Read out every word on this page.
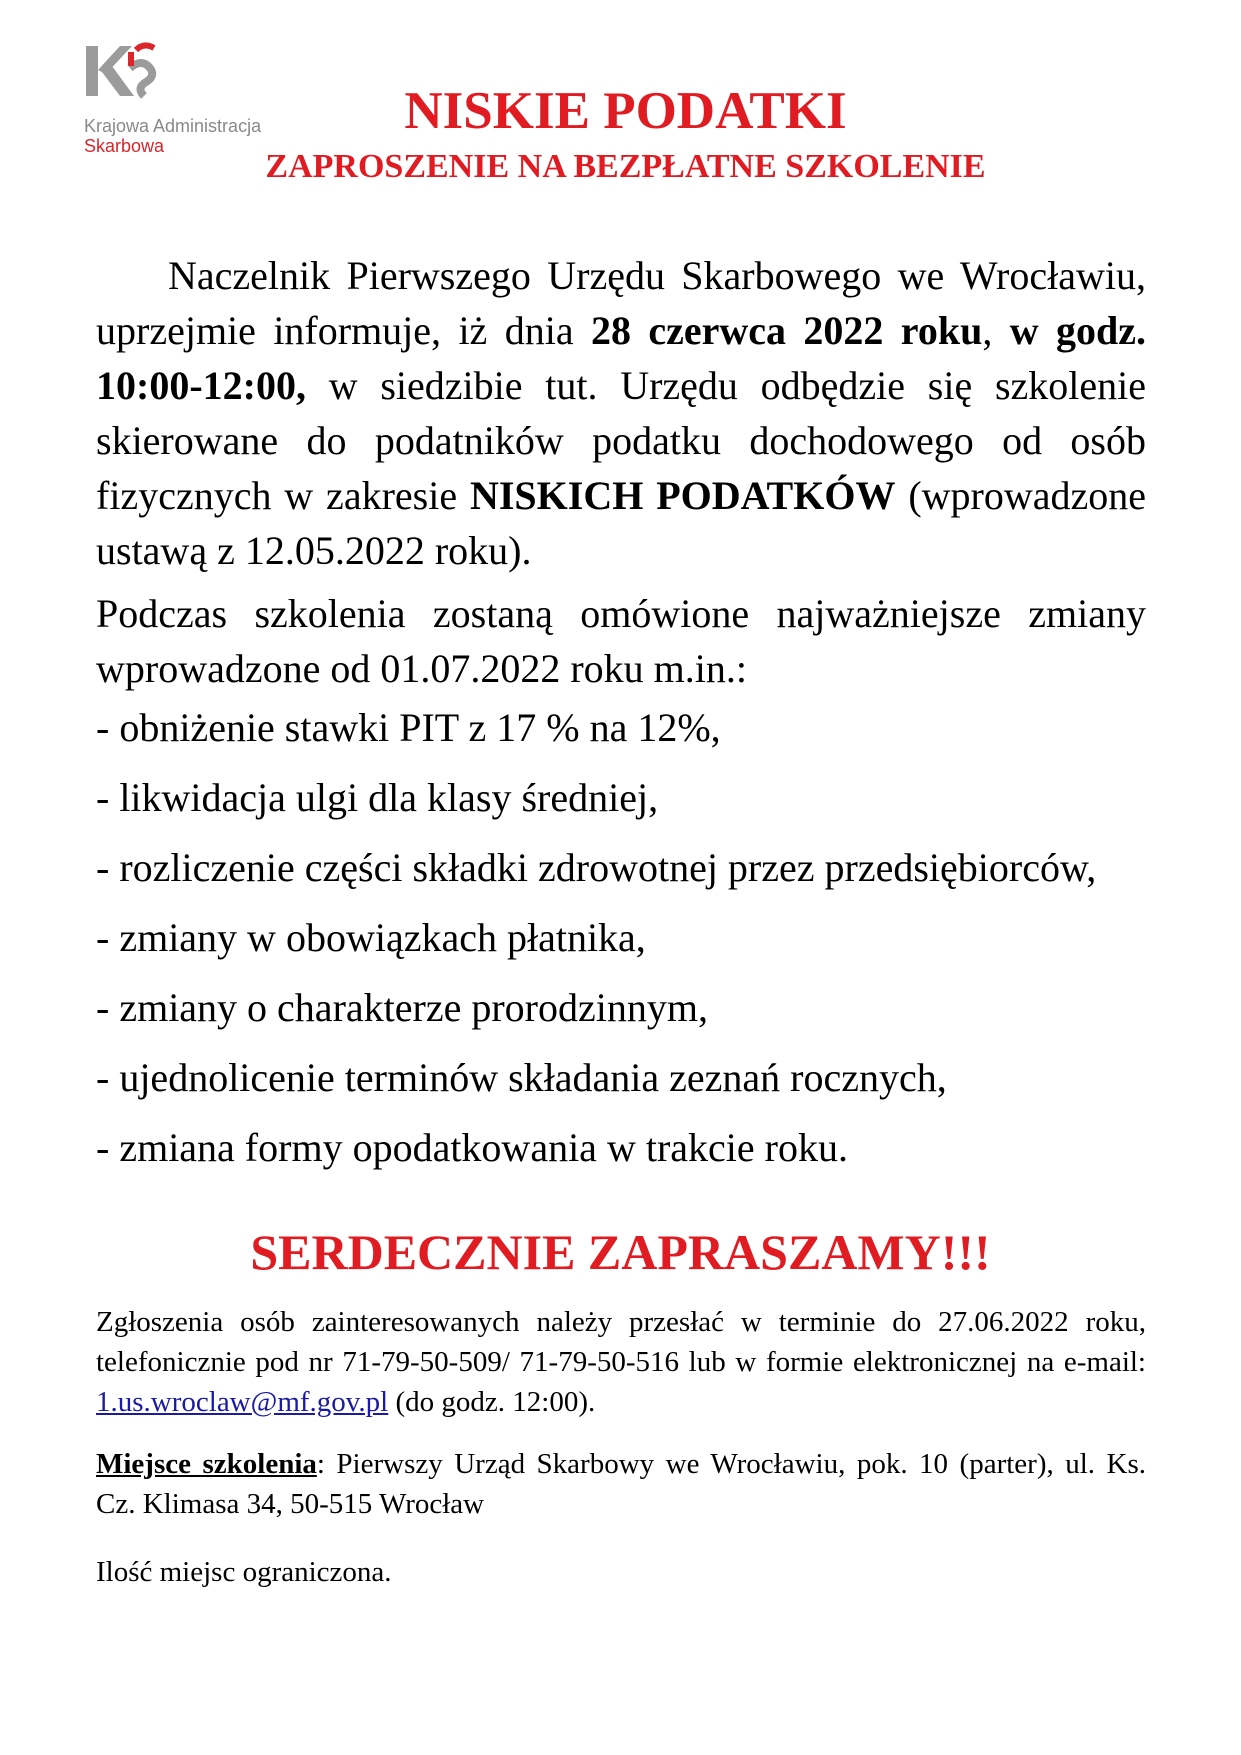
Krajowa Administracja
Skarbowa
NISKIE PODATKI
ZAPROSZENIE NA BEZPŁATNE SZKOLENIE

Naczelnik Pierwszego Urzędu Skarbowego we Wrocławiu, uprzejmie informuje, iż dnia 28 czerwca 2022 roku, w godz. 10:00-12:00, w siedzibie tut. Urzędu odbędzie się szkolenie skierowane do podatników podatku dochodowego od osób fizycznych w zakresie NISKICH PODATKÓW (wprowadzone ustawą z 12.05.2022 roku).

Podczas szkolenia zostaną omówione najważniejsze zmiany wprowadzone od 01.07.2022 roku m.in.:

- obniżenie stawki PIT z 17 % na 12%,
- likwidacja ulgi dla klasy średniej,
- rozliczenie części składki zdrowotnej przez przedsiębiorców,
- zmiany w obowiązkach płatnika,
- zmiany o charakterze prorodzinnym,
- ujednolicenie terminów składania zeznań rocznych,
- zmiana formy opodatkowania w trakcie roku.

SERDECZNIE ZAPRASZAMY!!!

Zgłoszenia osób zainteresowanych należy przesłać w terminie do 27.06.2022 roku, telefonicznie pod nr 71-79-50-509/ 71-79-50-516 lub w formie elektronicznej na e-mail: 1.us.wroclaw@mf.gov.pl (do godz. 12:00).

Miejsce szkolenia: Pierwszy Urząd Skarbowy we Wrocławiu, pok. 10 (parter), ul. Ks. Cz. Klimasa 34, 50-515 Wrocław

Ilość miejsc ograniczona.
